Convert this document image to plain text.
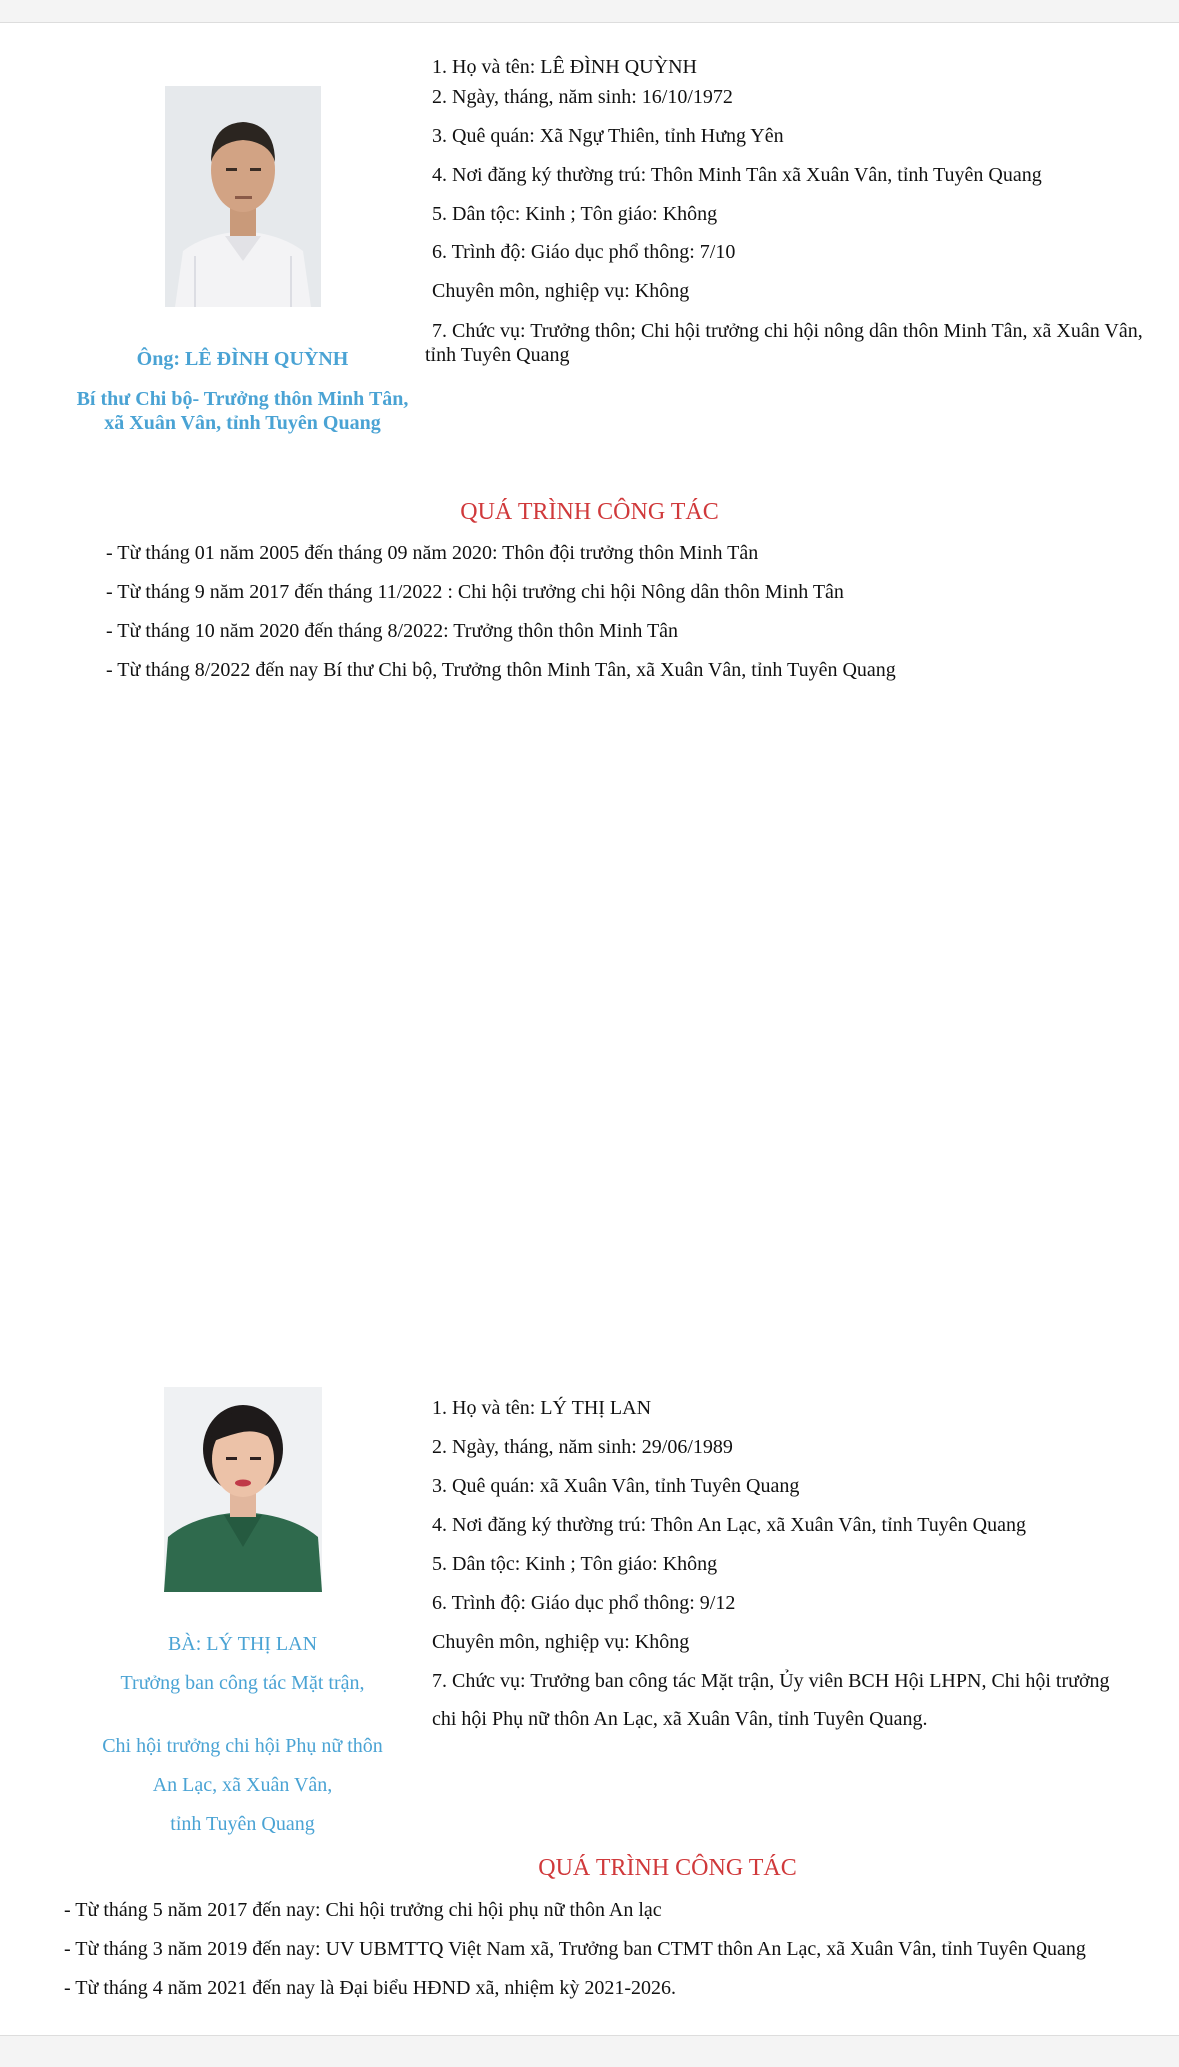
Ông: LÊ ĐÌNH QUỲNH
Bí thư Chi bộ- Trưởng thôn Minh Tân,
xã Xuân Vân, tỉnh Tuyên Quang
1. Họ và tên: LÊ ĐÌNH QUỲNH
2. Ngày, tháng, năm sinh: 16/10/1972
3. Quê quán: Xã Ngự Thiên, tỉnh Hưng Yên
4. Nơi đăng ký thường trú: Thôn Minh Tân xã Xuân Vân, tỉnh Tuyên Quang
5. Dân tộc: Kinh ; Tôn giáo: Không
6. Trình độ: Giáo dục phổ thông: 7/10
Chuyên môn, nghiệp vụ: Không
7. Chức vụ: Trưởng thôn; Chi hội trưởng chi hội nông dân thôn Minh Tân, xã Xuân Vân, tỉnh Tuyên Quang
QUÁ TRÌNH CÔNG TÁC
- Từ tháng 01 năm 2005 đến tháng 09 năm 2020: Thôn đội trưởng thôn Minh Tân
- Từ tháng 9 năm 2017 đến tháng 11/2022 : Chi hội trưởng chi hội Nông dân thôn Minh Tân
- Từ tháng 10 năm 2020 đến tháng 8/2022: Trưởng thôn thôn Minh Tân
- Từ tháng 8/2022 đến nay Bí thư Chi bộ, Trưởng thôn Minh Tân, xã Xuân Vân, tỉnh Tuyên Quang
BÀ: LÝ THỊ LAN
Trưởng ban công tác Mặt trận,
Chi hội trưởng chi hội Phụ nữ thôn
An Lạc, xã Xuân Vân,
tỉnh Tuyên Quang
1. Họ và tên: LÝ THỊ LAN
2. Ngày, tháng, năm sinh: 29/06/1989
3. Quê quán: xã Xuân Vân, tỉnh Tuyên Quang
4. Nơi đăng ký thường trú: Thôn An Lạc, xã Xuân Vân, tỉnh Tuyên Quang
5. Dân tộc: Kinh ; Tôn giáo: Không
6. Trình độ: Giáo dục phổ thông: 9/12
Chuyên môn, nghiệp vụ: Không
7. Chức vụ: Trưởng ban công tác Mặt trận, Ủy viên BCH Hội LHPN, Chi hội trưởng
chi hội Phụ nữ thôn An Lạc, xã Xuân Vân, tỉnh Tuyên Quang.
QUÁ TRÌNH CÔNG TÁC
- Từ tháng 5 năm 2017 đến nay: Chi hội trưởng chi hội phụ nữ thôn An lạc
- Từ tháng 3 năm 2019 đến nay: UV UBMTTQ Việt Nam xã, Trưởng ban CTMT thôn An Lạc, xã Xuân Vân, tỉnh Tuyên Quang
- Từ tháng 4 năm 2021 đến nay là Đại biểu HĐND xã, nhiệm kỳ 2021-2026.
